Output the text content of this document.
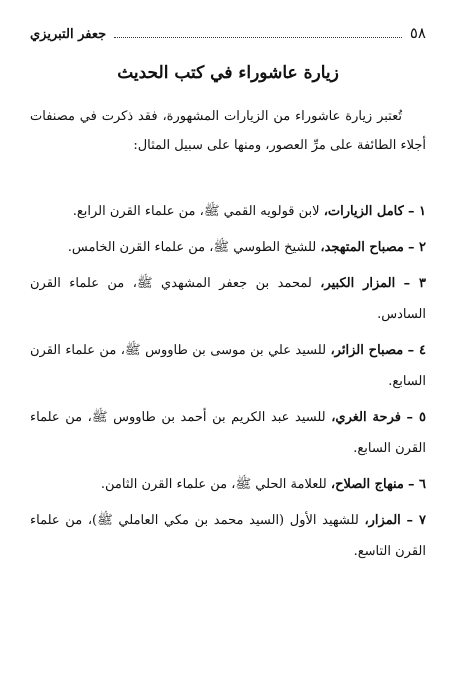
٥٨
جعفر التبريزي
زيارة عاشوراء في كتب الحديث

تُعتبر زيارة عاشوراء من الزيارات المشهورة، فقد ذكرت في مصنفات أجلاء الطائفة على مرِّ العصور، ومنها على سبيل المثال:

١ – كامل الزيارات، لابن قولويه القمي ﷺ، من علماء القرن الرابع.

٢ – مصباح المتهجد، للشيخ الطوسي ﷺ، من علماء القرن الخامس.

٣ – المزار الكبير، لمحمد بن جعفر المشهدي ﷺ، من علماء القرن السادس.

٤ – مصباح الزائر، للسيد علي بن موسى بن طاووس ﷺ، من علماء القرن السابع.

٥ – فرحة الغري، للسيد عبد الكريم بن أحمد بن طاووس ﷺ، من علماء القرن السابع.

٦ – منهاج الصلاح، للعلامة الحلي ﷺ، من علماء القرن الثامن.

٧ – المزار، للشهيد الأول (السيد محمد بن مكي العاملي ﷺ)، من علماء القرن التاسع.
